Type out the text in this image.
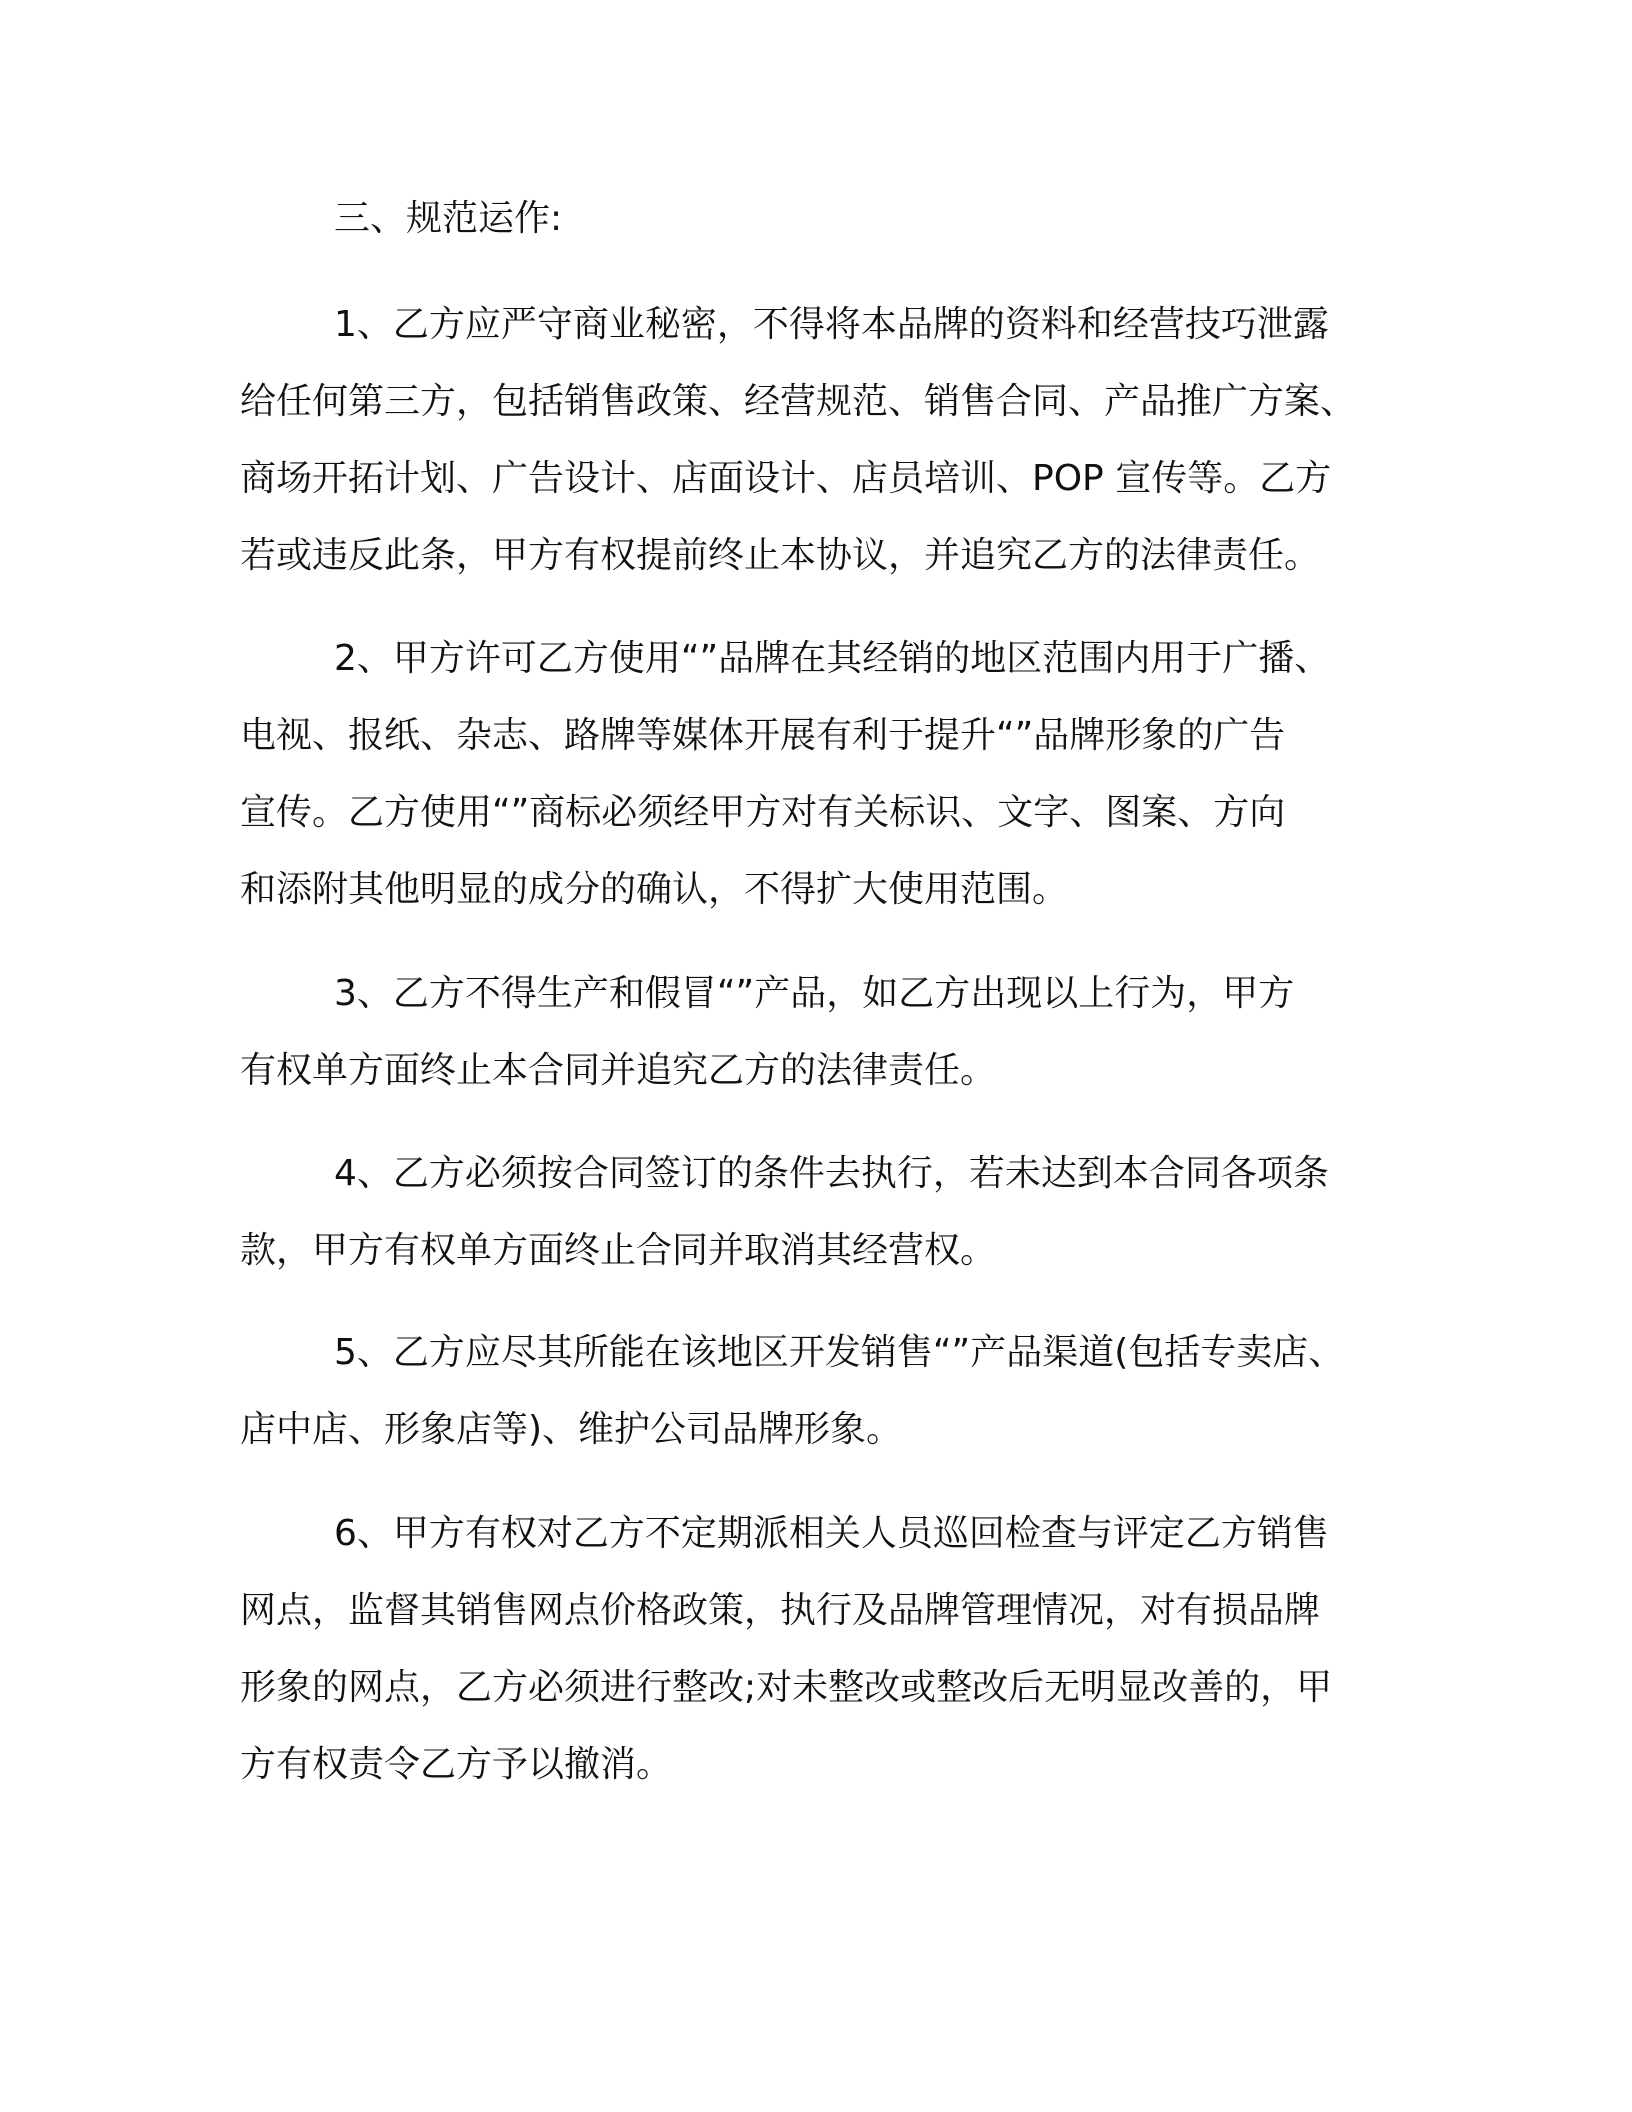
三、规范运作:
1、乙方应严守商业秘密，不得将本品牌的资料和经营技巧泄露
给任何第三方，包括销售政策、经营规范、销售合同、产品推广方案、
商场开拓计划、广告设计、店面设计、店员培训、POP 宣传等。乙方
若或违反此条，甲方有权提前终止本协议，并追究乙方的法律责任。
2、甲方许可乙方使用“”品牌在其经销的地区范围内用于广播、
电视、报纸、杂志、路牌等媒体开展有利于提升“”品牌形象的广告
宣传。乙方使用“”商标必须经甲方对有关标识、文字、图案、方向
和添附其他明显的成分的确认，不得扩大使用范围。
3、乙方不得生产和假冒“”产品，如乙方出现以上行为，甲方
有权单方面终止本合同并追究乙方的法律责任。
4、乙方必须按合同签订的条件去执行，若未达到本合同各项条
款，甲方有权单方面终止合同并取消其经营权。
5、乙方应尽其所能在该地区开发销售“”产品渠道(包括专卖店、
店中店、形象店等)、维护公司品牌形象。
6、甲方有权对乙方不定期派相关人员巡回检查与评定乙方销售
网点，监督其销售网点价格政策，执行及品牌管理情况，对有损品牌
形象的网点，乙方必须进行整改;对未整改或整改后无明显改善的，甲
方有权责令乙方予以撤消。
